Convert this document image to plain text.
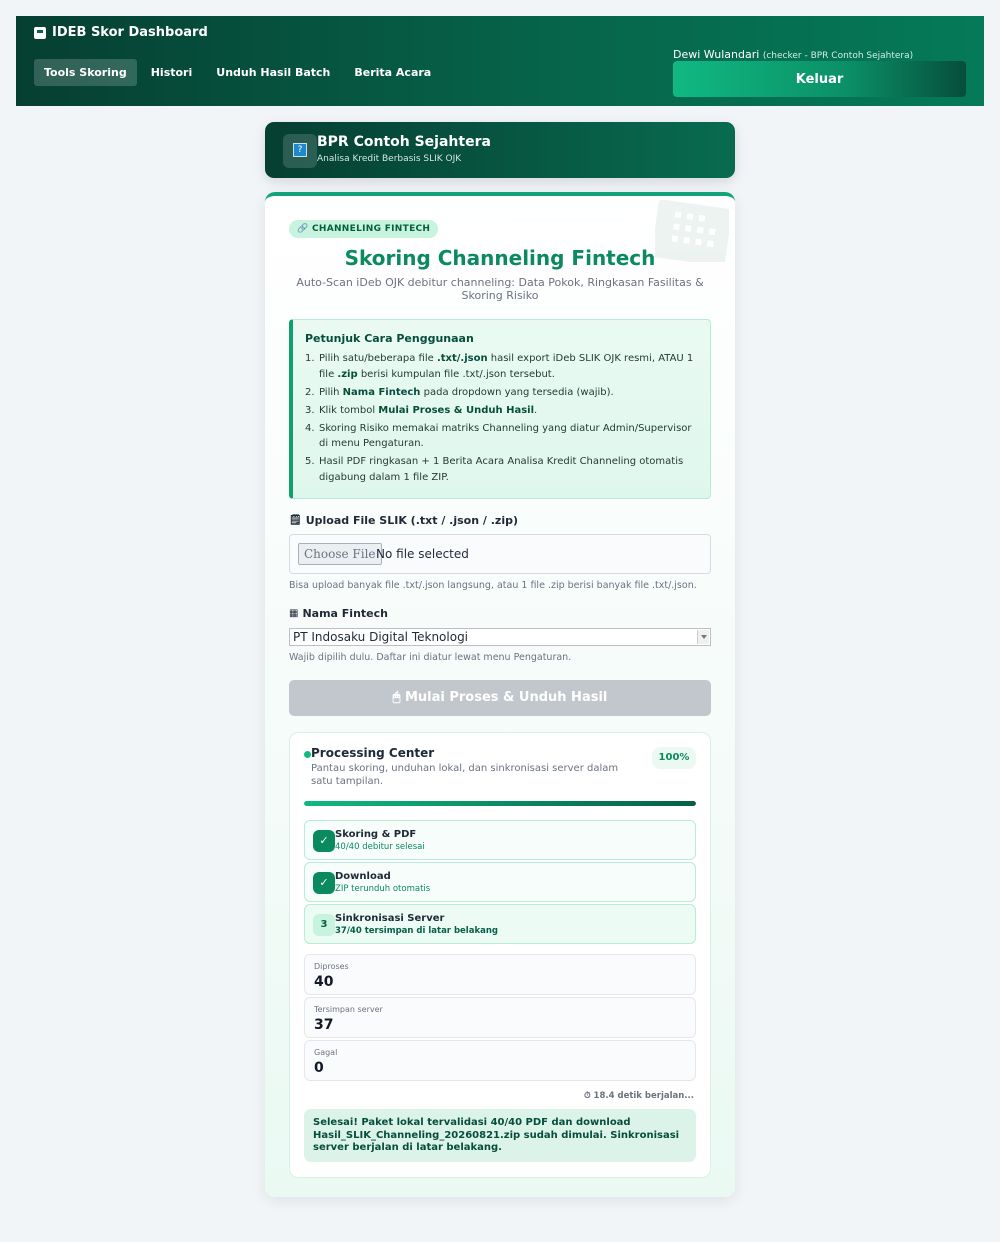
IDEB Skor Dashboard
Tools Skoring	Histori	Unduh Hasil Batch	Berita Acara
Dewi Wulandari (checker - BPR Contoh Sejahtera)
Keluar
?	BPR Contoh Sejahtera
Analisa Kredit Berbasis SLIK OJK
🔗 CHANNELING FINTECH
Skoring Channeling Fintech
Auto-Scan iDeb OJK debitur channeling: Data Pokok, Ringkasan Fasilitas & Skoring Risiko
Petunjuk Cara Penggunaan
1. Pilih satu/beberapa file .txt/.json hasil export iDeb SLIK OJK resmi, ATAU 1 file .zip berisi kumpulan file .txt/.json tersebut.
2. Pilih Nama Fintech pada dropdown yang tersedia (wajib).
3. Klik tombol Mulai Proses & Unduh Hasil.
4. Skoring Risiko memakai matriks Channeling yang diatur Admin/Supervisor di menu Pengaturan.
5. Hasil PDF ringkasan + 1 Berita Acara Analisa Kredit Channeling otomatis digabung dalam 1 file ZIP.
🗒 Upload File SLIK (.txt / .json / .zip)
Choose File No file selected
Bisa upload banyak file .txt/.json langsung, atau 1 file .zip berisi banyak file .txt/.json.
▦ Nama Fintech
PT Indosaku Digital Teknologi
Wajib dipilih dulu. Daftar ini diatur lewat menu Pengaturan.
🖱 Mulai Proses & Unduh Hasil
Processing Center
Pantau skoring, unduhan lokal, dan sinkronisasi server dalam satu tampilan.
100%
✓ Skoring & PDF
40/40 debitur selesai
✓ Download
ZIP terunduh otomatis
3
Sinkronisasi Server
37/40 tersimpan di latar belakang
Diproses
40
Tersimpan server
37
Gagal
0
⏱ 18.4 detik berjalan...
Selesai! Paket lokal tervalidasi 40/40 PDF dan download Hasil_SLIK_Channeling_20260821.zip sudah dimulai. Sinkronisasi server berjalan di latar belakang.
